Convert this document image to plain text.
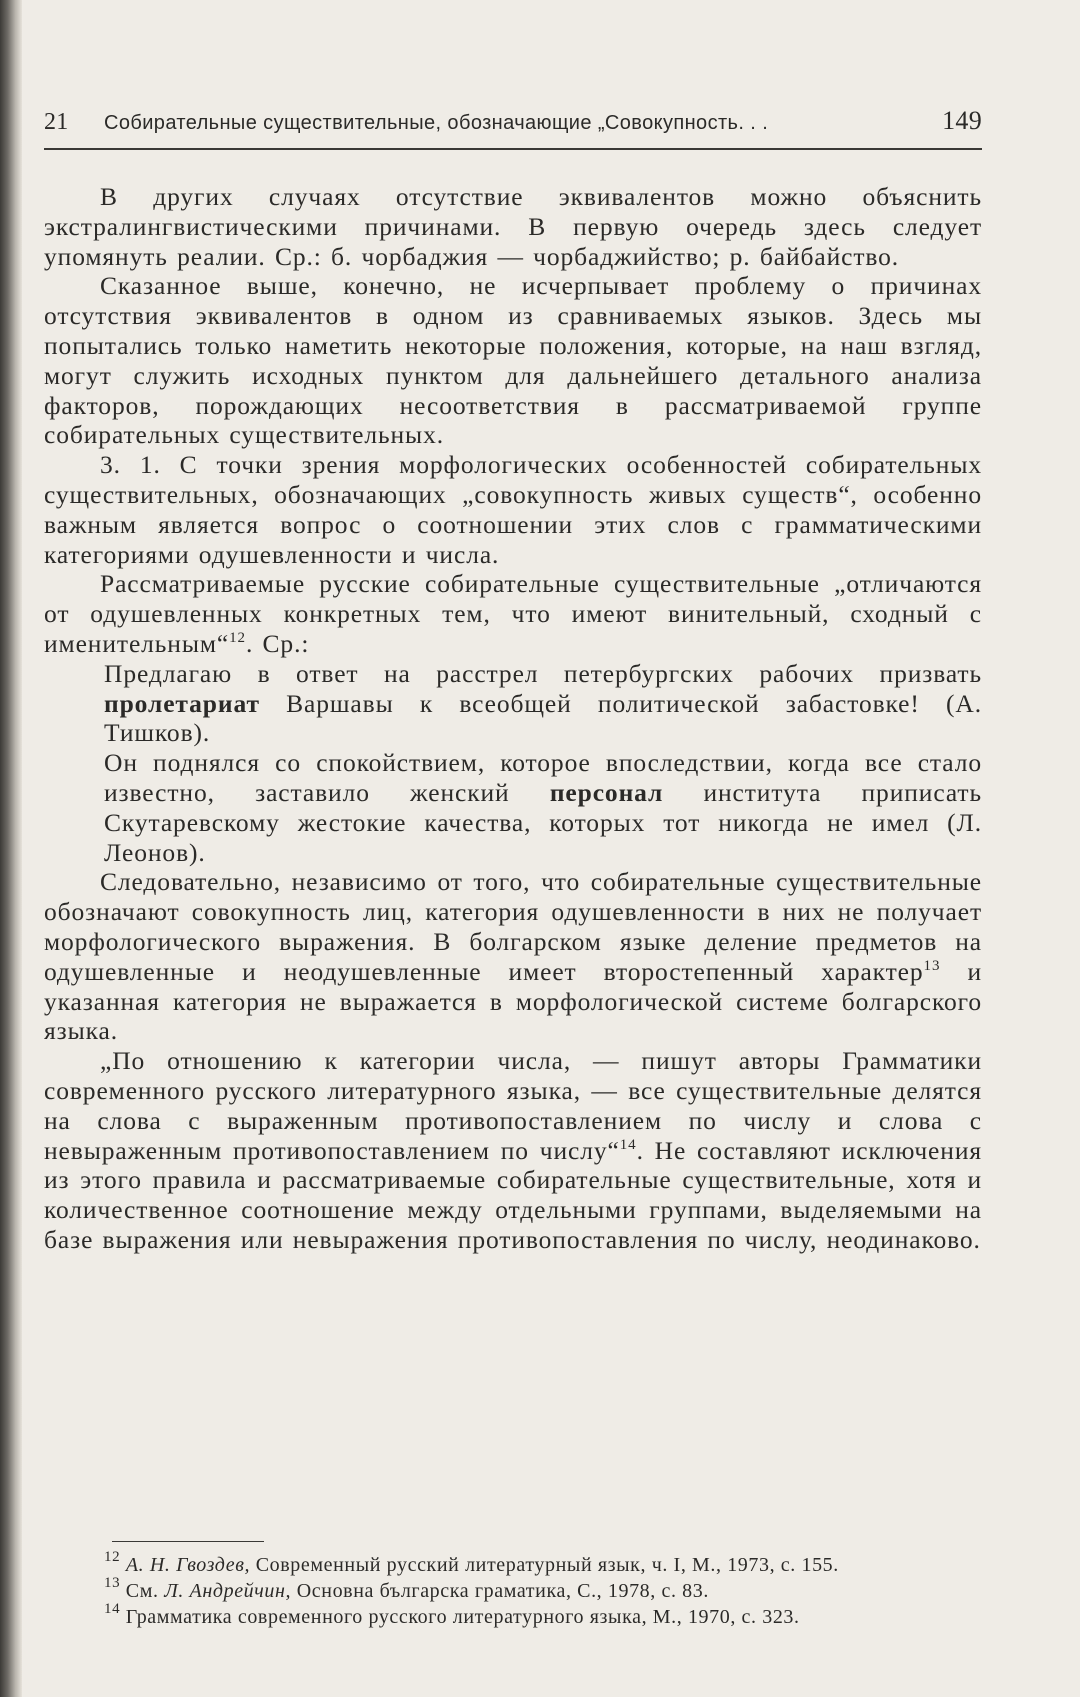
21	Собирательные существительные, обозначающие „Совокупность. . .	149

В других случаях отсутствие эквивалентов можно объяснить экстралингвистическими причинами. В первую очередь здесь следует упомянуть реалии. Ср.: б. чорбаджия — чорбаджийство; р. байбайство.

Сказанное выше, конечно, не исчерпывает проблему о причинах отсутствия эквивалентов в одном из сравниваемых языков. Здесь мы попытались только наметить некоторые положения, которые, на наш взгляд, могут служить исходных пунктом для дальнейшего детального анализа факторов, порождающих несоответствия в рассматриваемой группе собирательных существительных.

3. 1. С точки зрения морфологических особенностей собирательных существительных, обозначающих „совокупность живых существ“, особенно важным является вопрос о соотношении этих слов с грамматическими категориями одушевленности и числа.

Рассматриваемые русские собирательные существительные „отличаются от одушевленных конкретных тем, что имеют винительный, сходный с именительным“$^{12}$. Ср.:

Предлагаю в ответ на расстрел петербургских рабочих призвать пролетариат Варшавы к всеобщей политической забастовке! (А. Тишков).

Он поднялся со спокойствием, которое впоследствии, когда все стало известно, заставило женский персонал института приписать Скутаревскому жестокие качества, которых тот никогда не имел (Л. Леонов).

Следовательно, независимо от того, что собирательные существительные обозначают совокупность лиц, категория одушевленности в них не получает морфологического выражения. В болгарском языке деление предметов на одушевленные и неодушевленные имеет второстепенный характер$^{13}$ и указанная категория не выражается в морфологической системе болгарского языка.

„По отношению к категории числа, — пишут авторы Грамматики современного русского литературного языка, — все существительные делятся на слова с выраженным противопоставлением по числу и слова с невыраженным противопоставлением по числу“$^{14}$. Не составляют исключения из этого правила и рассматриваемые собирательные существительные, хотя и количественное соотношение между отдельными группами, выделяемыми на базе выражения или невыражения противопоставления по числу, неодинаково.

$^{12}$ А. Н. Гвоздев, Современный русский литературный язык, ч. I, М., 1973, с. 155.

$^{13}$ См. Л. Андрейчин, Основна българска граматика, С., 1978, с. 83.

$^{14}$ Грамматика современного русского литературного языка, М., 1970, с. 323.
